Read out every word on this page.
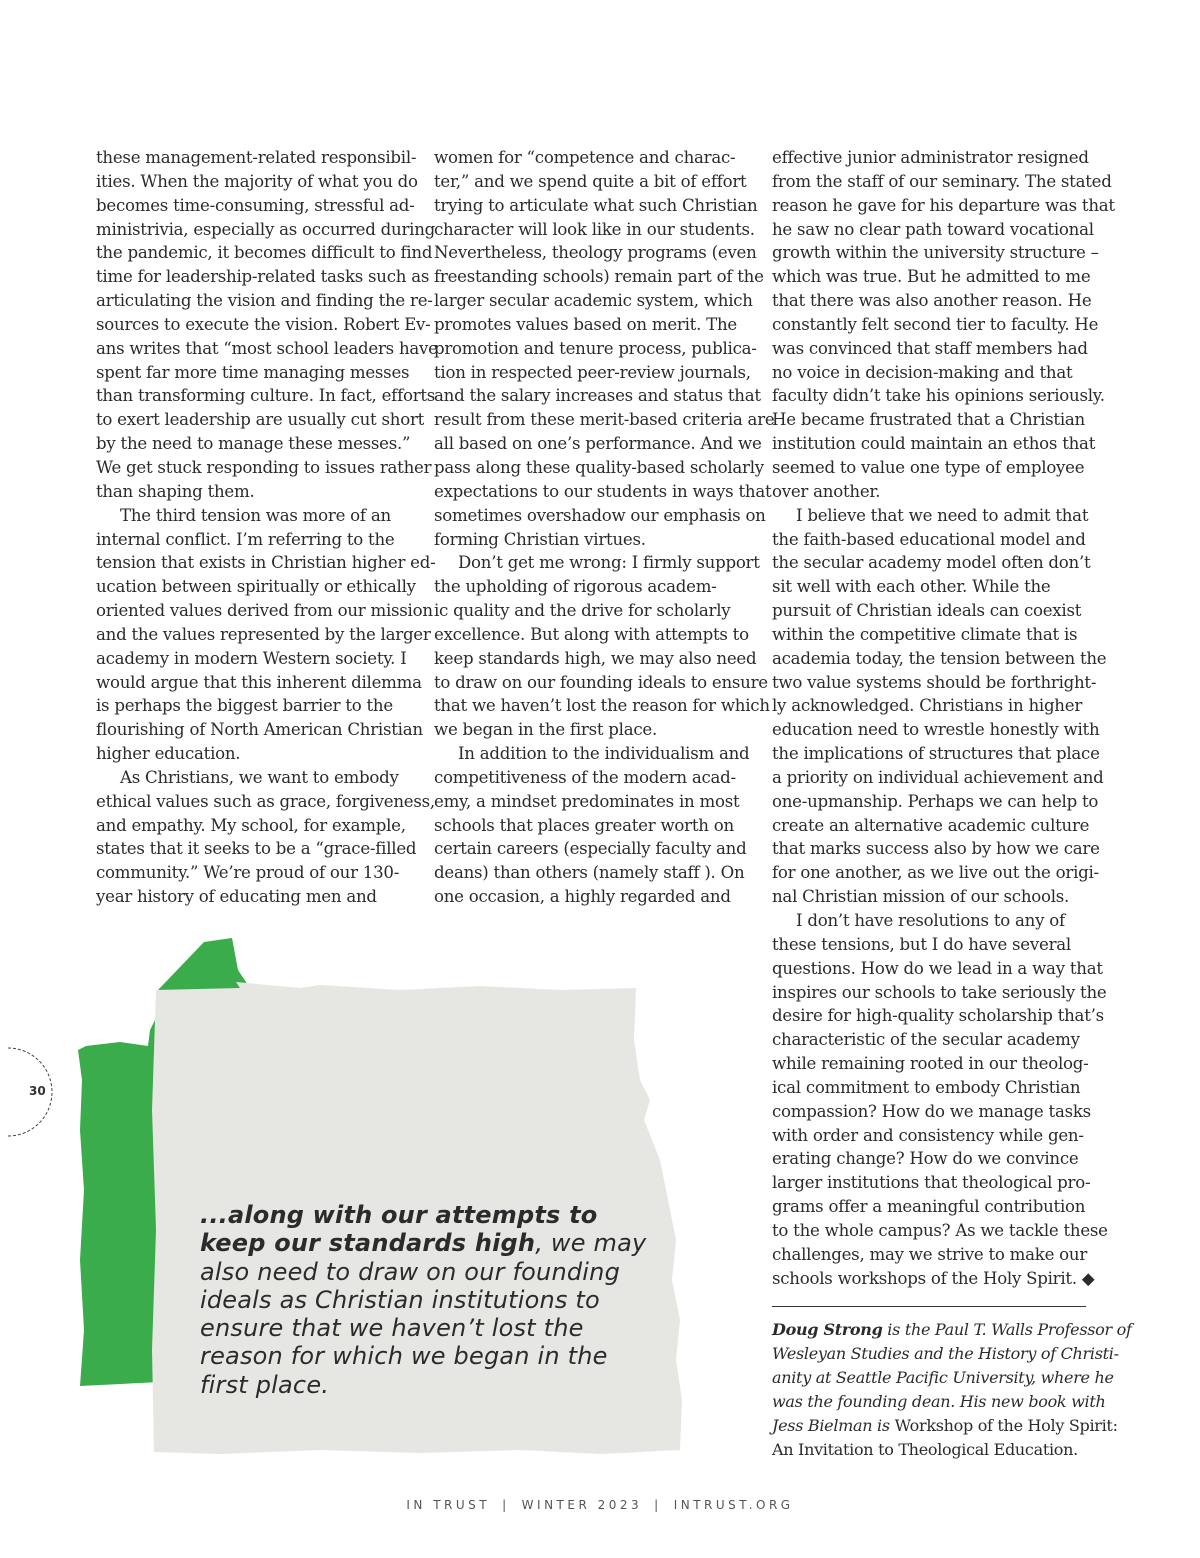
30

these management-related responsibil-

ities. When the majority of what you do

becomes time-consuming, stressful ad-

ministrivia, especially as occurred during

the pandemic, it becomes difficult to find

time for leadership-related tasks such as

articulating the vision and finding the re-

sources to execute the vision. Robert Ev-

ans writes that “most school leaders have

spent far more time managing messes

than transforming culture. In fact, efforts

to exert leadership are usually cut short

by the need to manage these messes.”

We get stuck responding to issues rather

than shaping them.

The third tension was more of an

internal conflict. I’m referring to the

tension that exists in Christian higher ed-

ucation between spiritually or ethically

oriented values derived from our mission

and the values represented by the larger

academy in modern Western society. I

would argue that this inherent dilemma

is perhaps the biggest barrier to the

flourishing of North American Christian

higher education.

As Christians, we want to embody

ethical values such as grace, forgiveness,

and empathy. My school, for example,

states that it seeks to be a “grace-filled

community.” We’re proud of our 130-

year history of educating men and

women for “competence and charac-

ter,” and we spend quite a bit of effort

trying to articulate what such Christian

character will look like in our students.

Nevertheless, theology programs (even

freestanding schools) remain part of the

larger secular academic system, which

promotes values based on merit. The

promotion and tenure process, publica-

tion in respected peer-review journals,

and the salary increases and status that

result from these merit-based criteria are

all based on one’s performance. And we

pass along these quality-based scholarly

expectations to our students in ways that

sometimes overshadow our emphasis on

forming Christian virtues.

Don’t get me wrong: I firmly support

the upholding of rigorous academ-

ic quality and the drive for scholarly

excellence. But along with attempts to

keep standards high, we may also need

to draw on our founding ideals to ensure

that we haven’t lost the reason for which

we began in the first place.

In addition to the individualism and

competitiveness of the modern acad-

emy, a mindset predominates in most

schools that places greater worth on

certain careers (especially faculty and

deans) than others (namely staff ). On

one occasion, a highly regarded and

effective junior administrator resigned

from the staff of our seminary. The stated

reason he gave for his departure was that

he saw no clear path toward vocational

growth within the university structure –

which was true. But he admitted to me

that there was also another reason. He

constantly felt second tier to faculty. He

was convinced that staff members had

no voice in decision-making and that

faculty didn’t take his opinions seriously.

He became frustrated that a Christian

institution could maintain an ethos that

seemed to value one type of employee

over another.

I believe that we need to admit that

the faith-based educational model and

the secular academy model often don’t

sit well with each other. While the

pursuit of Christian ideals can coexist

within the competitive climate that is

academia today, the tension between the

two value systems should be forthright-

ly acknowledged. Christians in higher

education need to wrestle honestly with

the implications of structures that place

a priority on individual achievement and

one-upmanship. Perhaps we can help to

create an alternative academic culture

that marks success also by how we care

for one another, as we live out the origi-

nal Christian mission of our schools.

I don’t have resolutions to any of

these tensions, but I do have several

questions. How do we lead in a way that

inspires our schools to take seriously the

desire for high-quality scholarship that’s

characteristic of the secular academy

while remaining rooted in our theolog-

ical commitment to embody Christian

compassion? How do we manage tasks

with order and consistency while gen-

erating change? How do we convince

larger institutions that theological pro-

grams offer a meaningful contribution

to the whole campus? As we tackle these

challenges, may we strive to make our

schools workshops of the Holy Spirit. ◆

...along with our attempts to

keep our standards high, we may

also need to draw on our founding

ideals as Christian institutions to

ensure that we haven’t lost the

reason for which we began in the

first place.

Doug Strong is the Paul T. Walls Professor of

Wesleyan Studies and the History of Christi-

anity at Seattle Pacific University, where he

was the founding dean. His new book with

Jess Bielman is Workshop of the Holy Spirit:

An Invitation to Theological Education.

IN TRUST | WINTER 2023 | INTRUST.ORG
